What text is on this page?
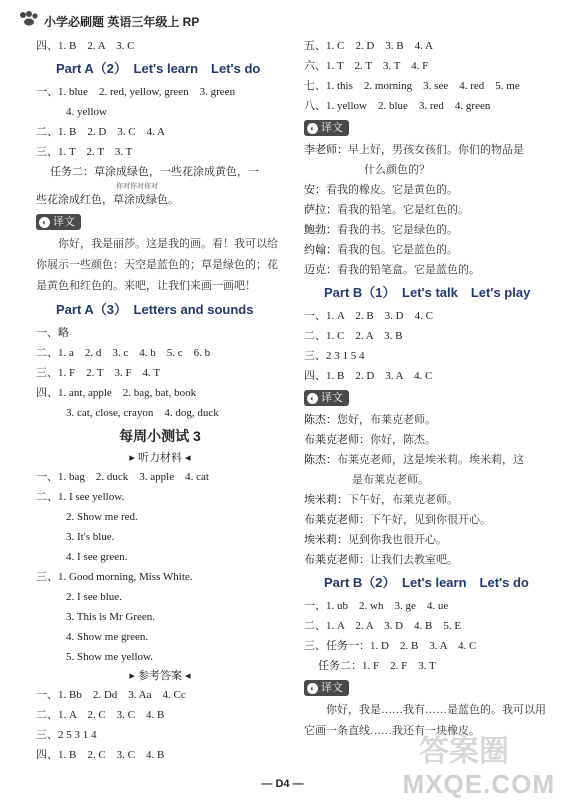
小学必刷题 英语三年级上 RP
四、1. B　2. A　3. C
Part A（2）　Let's learn　Let's do
一、1. blue　2. red, yellow, green　3. green
4. yellow
二、1. B　2. D　3. C　4. A
三、1. T　2. T　3. T
任务二：草涂成绿色，一些花涂成黄色，一
你对你对你对
些花涂成红色，草涂成绿色。
◐ 译文
你好，我是丽莎。这是我的画。看！我可以给你展示一些颜色：天空是蓝色的；草是绿色的；花是黄色和红色的。来吧，让我们来画一画吧！
Part A（3）　Letters and sounds
一、略
二、1. a　2. d　3. c　4. b　5. c　6. b
三、1. F　2. T　3. F　4. T
四、1. ant, apple　2. bag, bat, book
3. cat, close, crayon　4. dog, duck
每周小测试 3
▸ 听力材料 ◂
一、1. bag　2. duck　3. apple　4. cat
二、1. I see yellow.
2. Show me red.
3. It's blue.
4. I see green.
三、1. Good morning, Miss White.
2. I see blue.
3. This is Mr Green.
4. Show me green.
5. Show me yellow.
▸ 参考答案 ◂
一、1. Bb　2. Dd　3. Aa　4. Cc
二、1. A　2. C　3. C　4. B
三、2 5 3 1 4
四、1. B　2. C　3. C　4. B
五、1. C　2. D　3. B　4. A
六、1. T　2. T　3. T　4. F
七、1. this　2. morning　3. see　4. red　5. me
八、1. yellow　2. blue　3. red　4. green
◐ 译文
李老师：早上好，男孩女孩们。你们的物品是
什么颜色的？
安：看我的橡皮。它是黄色的。
萨拉：看我的铅笔。它是红色的。
鲍勃：看我的书。它是绿色的。
约翰：看我的包。它是蓝色的。
迈克：看我的铅笔盒。它是蓝色的。
Part B（1）　Let's talk　Let's play
一、1. A　2. B　3. D　4. C
二、1. C　2. A　3. B
三、2 3 1 5 4
四、1. B　2. D　3. A　4. C
◐ 译文
陈杰：您好，布莱克老师。
布莱克老师：你好，陈杰。
陈杰：布莱克老师，这是埃米莉。埃米莉，这
是布莱克老师。
埃米莉：下午好，布莱克老师。
布莱克老师：下午好，见到你很开心。
埃米莉：见到你我也很开心。
布莱克老师：让我们去教室吧。
Part B（2）　Let's learn　Let's do
一、1. ub　2. wh　3. ge　4. ue
二、1. A　2. A　3. D　4. B　5. E
三、任务一：1. D　2. B　3. A　4. C
任务二：1. F　2. F　3. T
◐ 译文
你好，我是……我有……是蓝色的。我可以用它画一条直线……我还有一块橡皮。
答案圈
MXQE.COM
— D4 —
